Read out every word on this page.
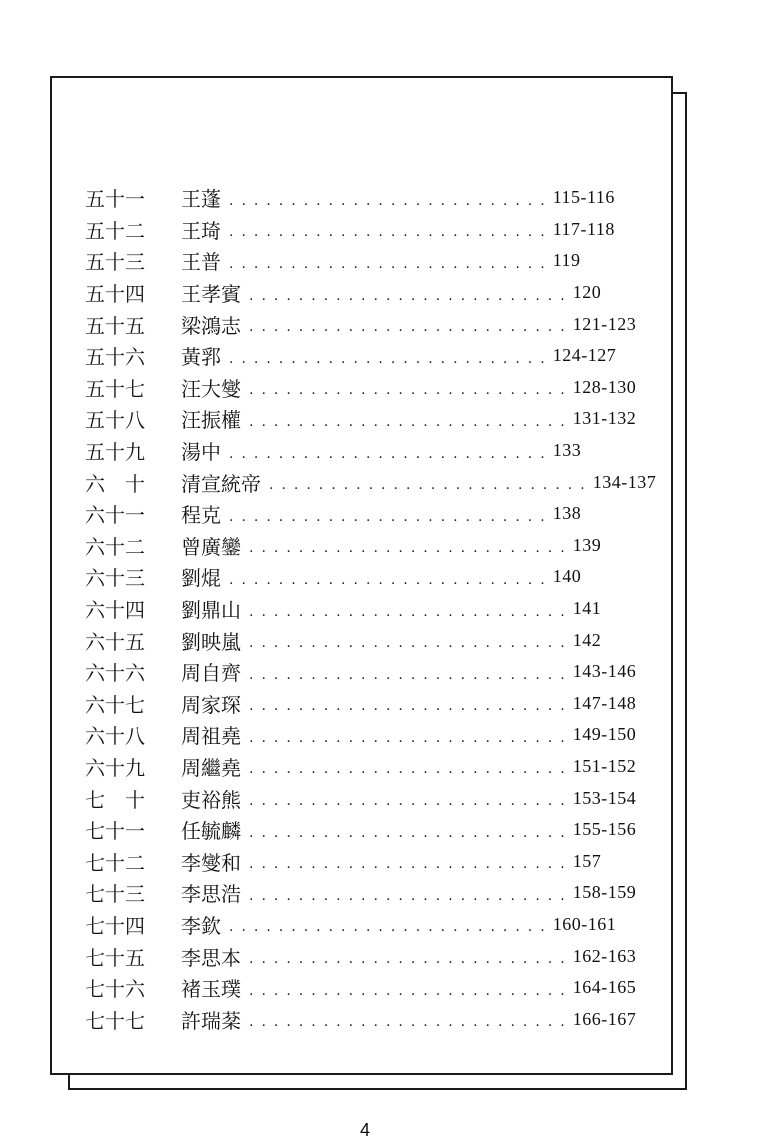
五十一	王蓬 .......................... 115-116
五十二	王琦 .......................... 117-118
五十三	王普 .......................... 119
五十四	王孝賓 .......................... 120
五十五	梁鴻志 .......................... 121-123
五十六	黃郛 .......................... 124-127
五十七	汪大燮 .......................... 128-130
五十八	汪振權 .......................... 131-132
五十九	湯中 .......................... 133
六　十	清宣統帝 .......................... 134-137
六十一	程克 .......................... 138
六十二	曾廣鑾 .......................... 139
六十三	劉焜 .......................... 140
六十四	劉鼎山 .......................... 141
六十五	劉映嵐 .......................... 142
六十六	周自齊 .......................... 143-146
六十七	周家琛 .......................... 147-148
六十八	周祖堯 .......................... 149-150
六十九	周繼堯 .......................... 151-152
七　十	吏裕熊 .......................... 153-154
七十一	任毓麟 .......................... 155-156
七十二	李燮和 .......................... 157
七十三	李思浩 .......................... 158-159
七十四	李欽 .......................... 160-161
七十五	李思本 .......................... 162-163
七十六	褚玉璞 .......................... 164-165
七十七	許瑞棻 .......................... 166-167
4
